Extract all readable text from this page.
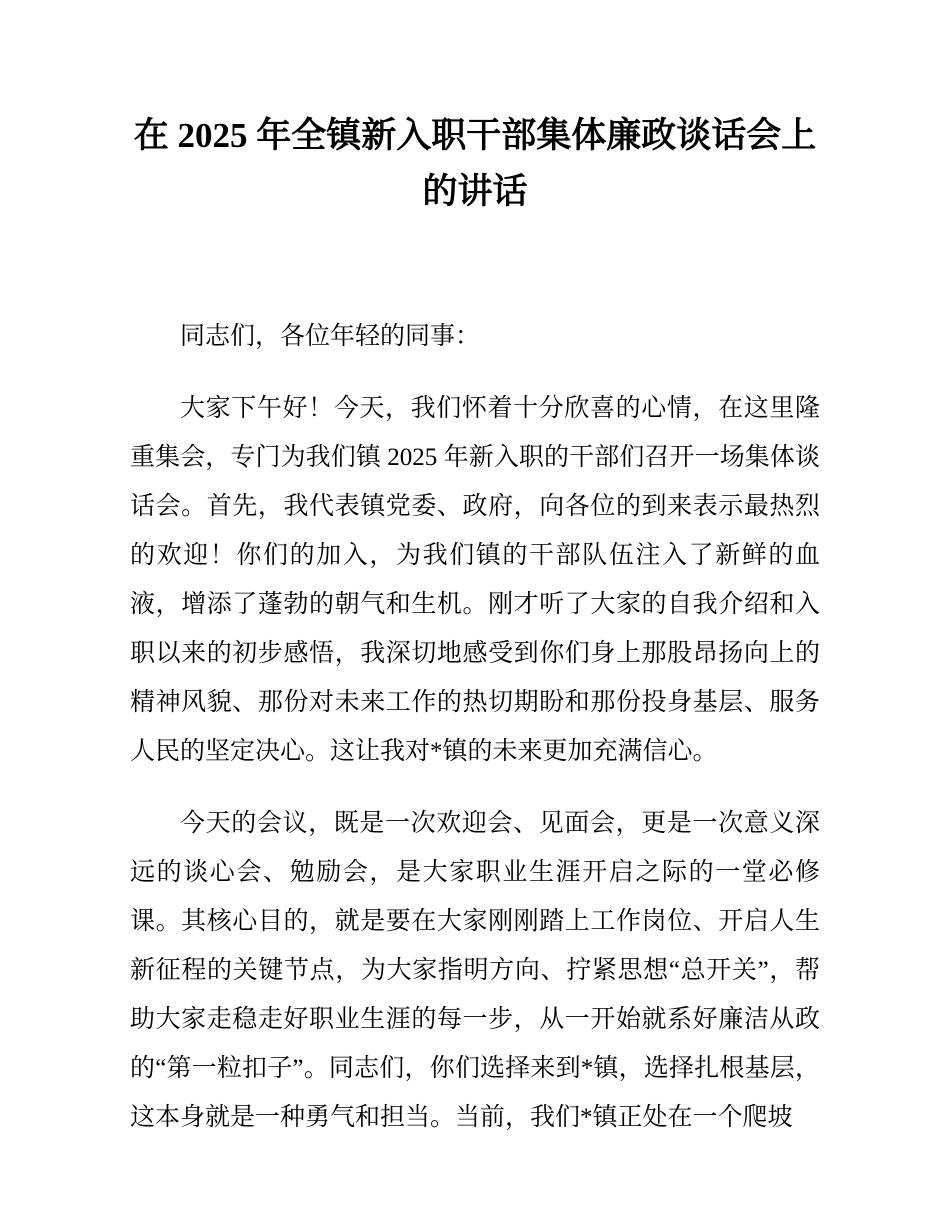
在 2025 年全镇新入职干部集体廉政谈话会上的讲话

同志们，各位年轻的同事：

大家下午好！今天，我们怀着十分欣喜的心情，在这里隆重集会，专门为我们镇 2025 年新入职的干部们召开一场集体谈话会。首先，我代表镇党委、政府，向各位的到来表示最热烈的欢迎！你们的加入，为我们镇的干部队伍注入了新鲜的血液，增添了蓬勃的朝气和生机。刚才听了大家的自我介绍和入职以来的初步感悟，我深切地感受到你们身上那股昂扬向上的精神风貌、那份对未来工作的热切期盼和那份投身基层、服务人民的坚定决心。这让我对*镇的未来更加充满信心。

今天的会议，既是一次欢迎会、见面会，更是一次意义深远的谈心会、勉励会，是大家职业生涯开启之际的一堂必修课。其核心目的，就是要在大家刚刚踏上工作岗位、开启人生新征程的关键节点，为大家指明方向、拧紧思想“总开关”，帮助大家走稳走好职业生涯的每一步，从一开始就系好廉洁从政的“第一粒扣子”。同志们，你们选择来到*镇，选择扎根基层，这本身就是一种勇气和担当。当前，我们*镇正处在一个爬坡
